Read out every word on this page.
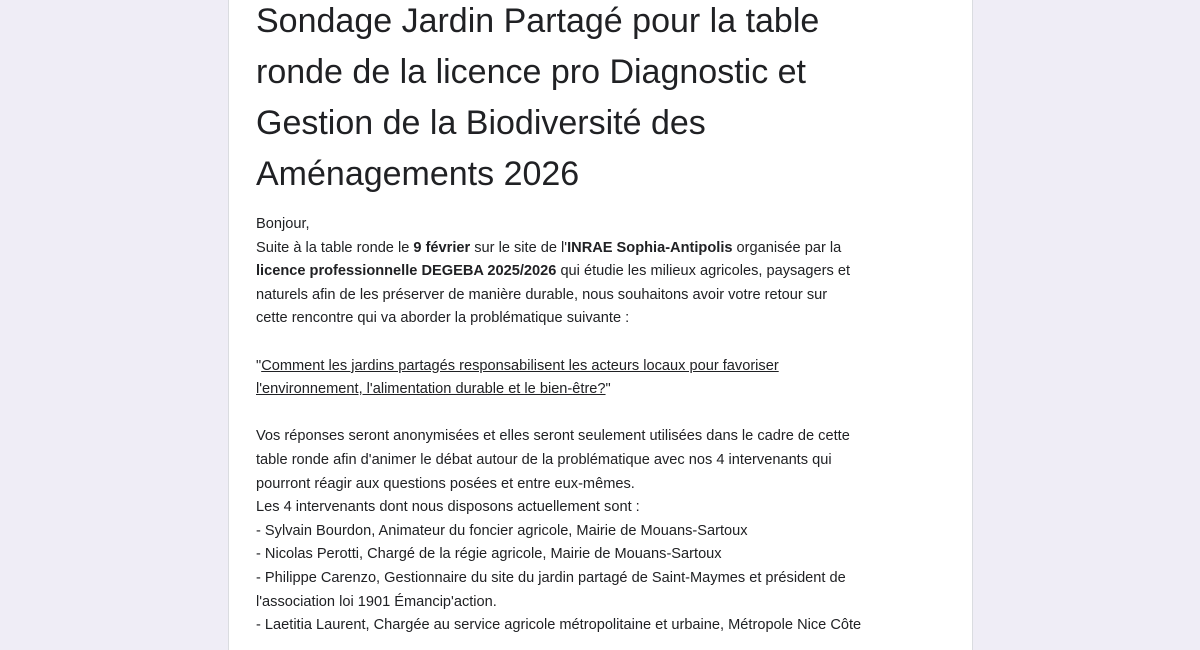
Sondage Jardin Partagé pour la table
ronde de la licence pro Diagnostic et
Gestion de la Biodiversité des
Aménagements 2026
Bonjour,
Suite à la table ronde le 9 février sur le site de l'INRAE Sophia-Antipolis organisée par la
licence professionnelle DEGEBA 2025/2026 qui étudie les milieux agricoles, paysagers et
naturels afin de les préserver de manière durable, nous souhaitons avoir votre retour sur
cette rencontre qui va aborder la problématique suivante :
"Comment les jardins partagés responsabilisent les acteurs locaux pour favoriser
l'environnement, l'alimentation durable et le bien-être?"
Vos réponses seront anonymisées et elles seront seulement utilisées dans le cadre de cette
table ronde afin d'animer le débat autour de la problématique avec nos 4 intervenants qui
pourront réagir aux questions posées et entre eux-mêmes.
Les 4 intervenants dont nous disposons actuellement sont :
- Sylvain Bourdon, Animateur du foncier agricole, Mairie de Mouans-Sartoux
- Nicolas Perotti, Chargé de la régie agricole, Mairie de Mouans-Sartoux
- Philippe Carenzo, Gestionnaire du site du jardin partagé de Saint-Maymes et président de
l'association loi 1901 Émancip'action.
- Laetitia Laurent, Chargée au service agricole métropolitaine et urbaine, Métropole Nice Côte
